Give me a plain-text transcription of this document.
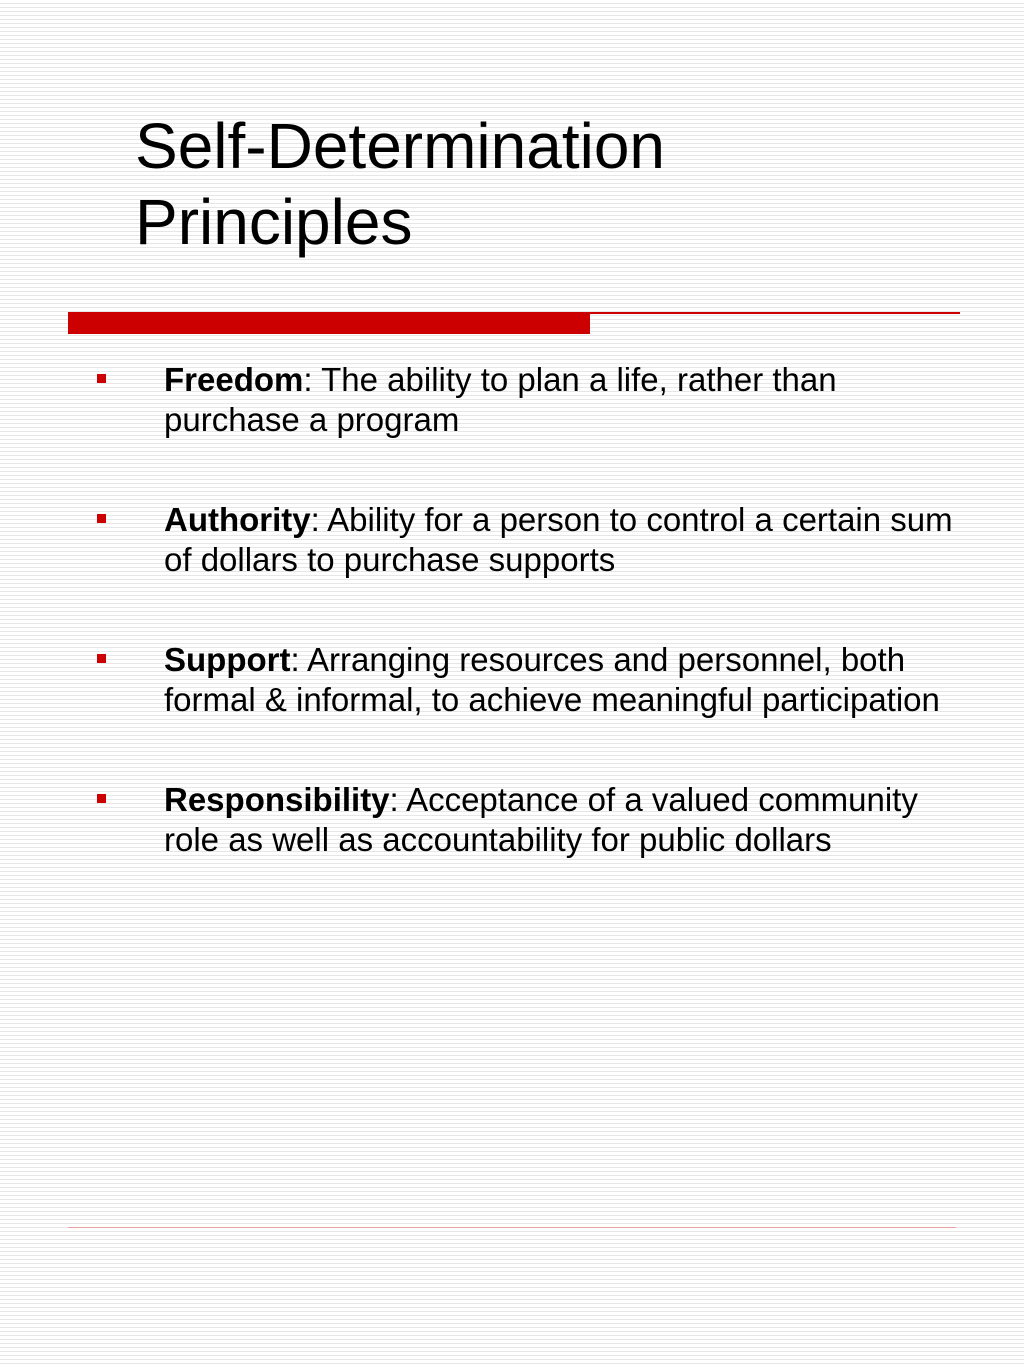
Self-Determination
Principles
Freedom: The ability to plan a life, rather than purchase a program
Authority: Ability for a person to control a certain sum of dollars to purchase supports
Support: Arranging resources and personnel, both formal & informal, to achieve meaningful participation
Responsibility: Acceptance of a valued community role as well as accountability for public dollars
